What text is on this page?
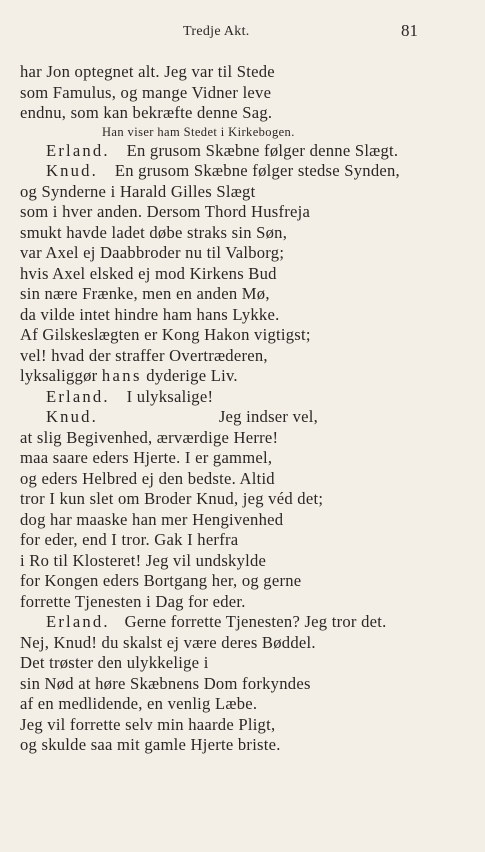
Tredje Akt.	81
har Jon optegnet alt. Jeg var til Stede
som Famulus, og mange Vidner leve
endnu, som kan bekræfte denne Sag.
Han viser ham Stedet i Kirkebogen.
Erland. En grusom Skæbne følger denne Slægt.
Knud. En grusom Skæbne følger stedse Synden,
og Synderne i Harald Gilles Slægt
som i hver anden. Dersom Thord Husfreja
smukt havde ladet døbe straks sin Søn,
var Axel ej Daabbroder nu til Valborg;
hvis Axel elsked ej mod Kirkens Bud
sin nære Frænke, men en anden Mø,
da vilde intet hindre ham hans Lykke.
Af Gilskeslægten er Kong Hakon vigtigst;
vel! hvad der straffer Overtræderen,
lyksaliggør hans dyderige Liv.
Erland. I ulyksalige!
Knud.	Jeg indser vel,
at slig Begivenhed, ærværdige Herre!
maa saare eders Hjerte. I er gammel,
og eders Helbred ej den bedste. Altid
tror I kun slet om Broder Knud, jeg véd det;
dog har maaske han mer Hengivenhed
for eder, end I tror. Gak I herfra
i Ro til Klosteret! Jeg vil undskylde
for Kongen eders Bortgang her, og gerne
forrette Tjenesten i Dag for eder.
Erland. Gerne forrette Tjenesten? Jeg tror det.
Nej, Knud! du skalst ej være deres Bøddel.
Det trøster den ulykkelige i
sin Nød at høre Skæbnens Dom forkyndes
af en medlidende, en venlig Læbe.
Jeg vil forrette selv min haarde Pligt,
og skulde saa mit gamle Hjerte briste.
